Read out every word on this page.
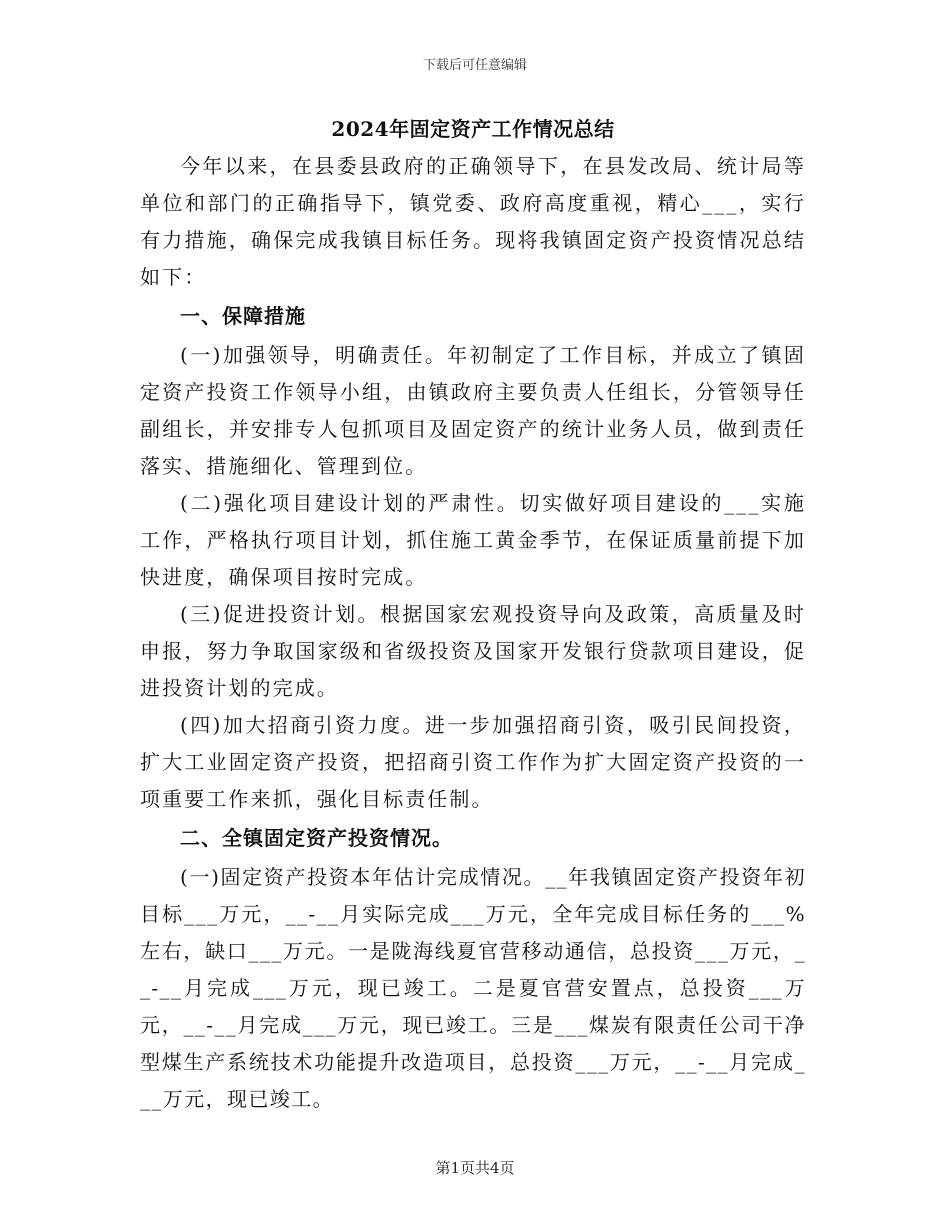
下载后可任意编辑
2024年固定资产工作情况总结

今年以来，在县委县政府的正确领导下，在县发改局、统计局等单位和部门的正确指导下，镇党委、政府高度重视，精心___，实行有力措施，确保完成我镇目标任务。现将我镇固定资产投资情况总结如下：

一、保障措施

(一)加强领导，明确责任。年初制定了工作目标，并成立了镇固定资产投资工作领导小组，由镇政府主要负责人任组长，分管领导任副组长，并安排专人包抓项目及固定资产的统计业务人员，做到责任落实、措施细化、管理到位。

(二)强化项目建设计划的严肃性。切实做好项目建设的___实施工作，严格执行项目计划，抓住施工黄金季节，在保证质量前提下加快进度，确保项目按时完成。

(三)促进投资计划。根据国家宏观投资导向及政策，高质量及时申报，努力争取国家级和省级投资及国家开发银行贷款项目建设，促进投资计划的完成。

(四)加大招商引资力度。进一步加强招商引资，吸引民间投资，扩大工业固定资产投资，把招商引资工作作为扩大固定资产投资的一项重要工作来抓，强化目标责任制。

二、全镇固定资产投资情况。

(一)固定资产投资本年估计完成情况。__年我镇固定资产投资年初目标___万元，__-__月实际完成___万元，全年完成目标任务的___%左右，缺口___万元。一是陇海线夏官营移动通信，总投资___万元，__-__月完成___万元，现已竣工。二是夏官营安置点，总投资___万元，__-__月完成___万元，现已竣工。三是___煤炭有限责任公司干净型煤生产系统技术功能提升改造项目，总投资___万元，__-__月完成___万元，现已竣工。

第1页共4页
